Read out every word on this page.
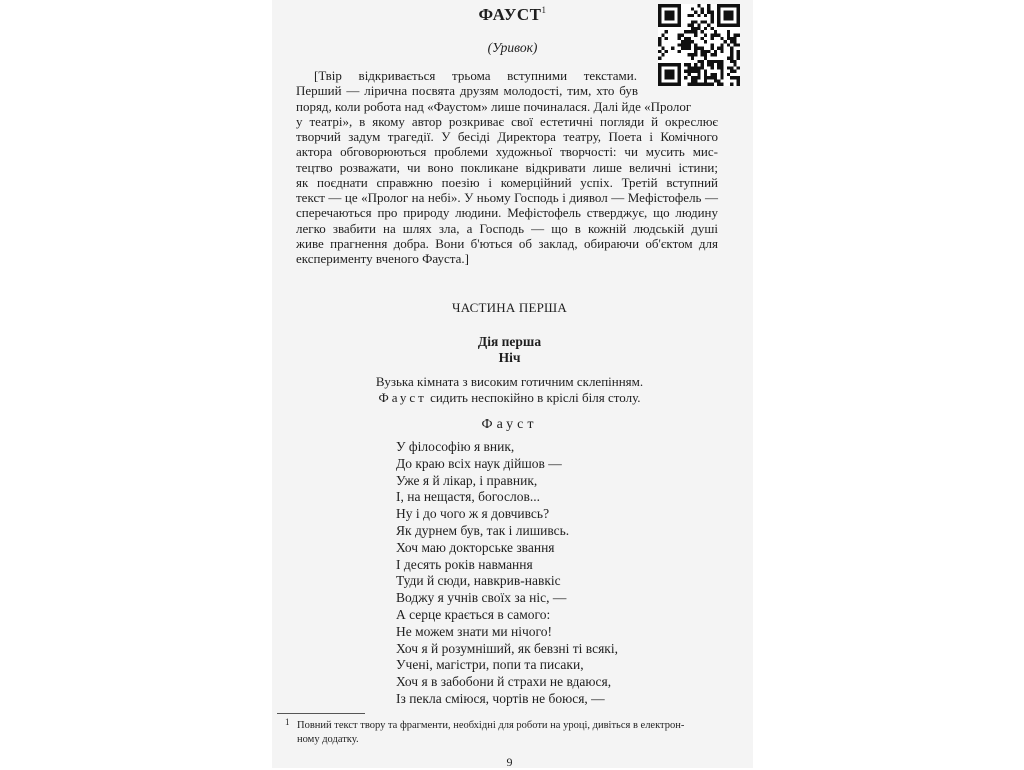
ФАУСТ$^1$
(Уривок)
[Твір відкривається трьома вступними текстами.
Перший — лірична посвята друзям молодості, тим, хто був
поряд, коли робота над «Фаустом» лише починалася. Далі йде «Пролог
у театрі», в якому автор розкриває свої естетичні погляди й окреслює
творчий задум трагедії. У бесіді Директора театру, Поета і Комічного
актора обговорюються проблеми художньої творчості: чи мусить мис-
тецтво розважати, чи воно покликане відкривати лише величні істини;
як поєднати справжню поезію і комерційний успіх. Третій вступний
текст — це «Пролог на небі». У ньому Господь і диявол — Мефістофель —
сперечаються про природу людини. Мефістофель стверджує, що людину
легко звабити на шлях зла, а Господь — що в кожній людській душі
живе прагнення добра. Вони б'ються об заклад, обираючи об'єктом для
експерименту вченого Фауста.]
ЧАСТИНА ПЕРША
Дія перша
Ніч
Вузька кімната з високим готичним склепінням.
Фауст сидить неспокійно в кріслі біля столу.
Фауст
У філософію я вник,
До краю всіх наук дійшов —
Уже я й лікар, і правник,
І, на нещастя, богослов...
Ну і до чого ж я довчивсь?
Як дурнем був, так і лишивсь.
Хоч маю докторське звання
І десять років навмання
Туди й сюди, навкрив-навкіс
Воджу я учнів своїх за ніс, —
А серце крається в самого:
Не можем знати ми нічого!
Хоч я й розумніший, як бевзні ті всякі,
Учені, магістри, попи та писаки,
Хоч я в забобони й страхи не вдаюся,
Із пекла сміюся, чортів не боюся, —
1 Повний текст твору та фрагменти, необхідні для роботи на уроці, дивіться в електрон-
ному додатку.
9
